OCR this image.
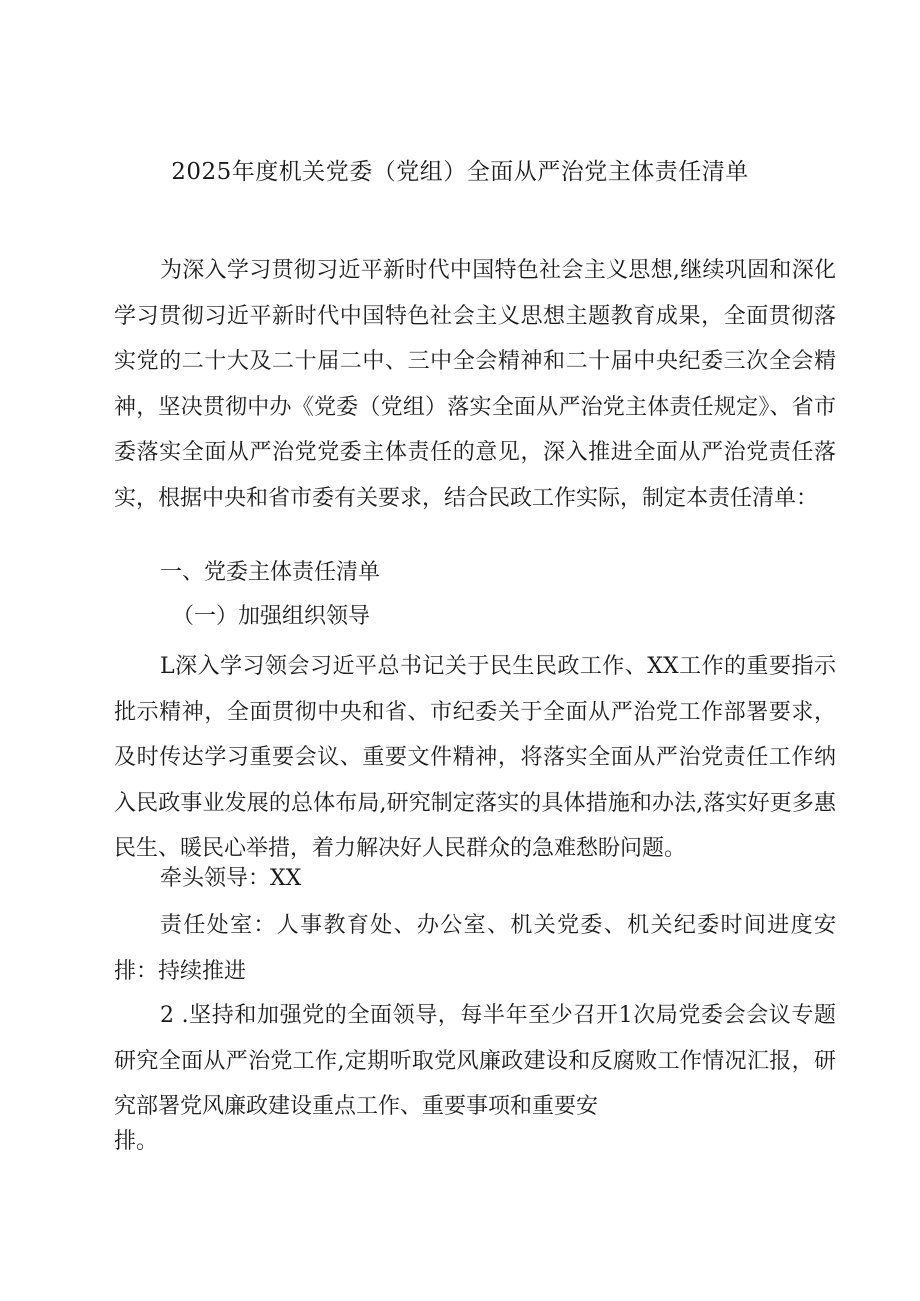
2025年度机关党委（党组）全面从严治党主体责任清单

为深入学习贯彻习近平新时代中国特色社会主义思想,继续巩固和深化学习贯彻习近平新时代中国特色社会主义思想主题教育成果，全面贯彻落实党的二十大及二十届二中、三中全会精神和二十届中央纪委三次全会精神，坚决贯彻中办《党委（党组）落实全面从严治党主体责任规定》、省市委落实全面从严治党党委主体责任的意见，深入推进全面从严治党责任落实，根据中央和省市委有关要求，结合民政工作实际，制定本责任清单：

一、党委主体责任清单
（一）加强组织领导

L深入学习领会习近平总书记关于民生民政工作、XX工作的重要指示批示精神，全面贯彻中央和省、市纪委关于全面从严治党工作部署要求，及时传达学习重要会议、重要文件精神，将落实全面从严治党责任工作纳入民政事业发展的总体布局,研究制定落实的具体措施和办法,落实好更多惠民生、暖民心举措，着力解决好人民群众的急难愁盼问题。

牵头领导：XX

责任处室：人事教育处、办公室、机关党委、机关纪委时间进度安排：持续推进

2 .坚持和加强党的全面领导，每半年至少召开1次局党委会会议专题研究全面从严治党工作,定期听取党风廉政建设和反腐败工作情况汇报，研究部署党风廉政建设重点工作、重要事项和重要安

排。
